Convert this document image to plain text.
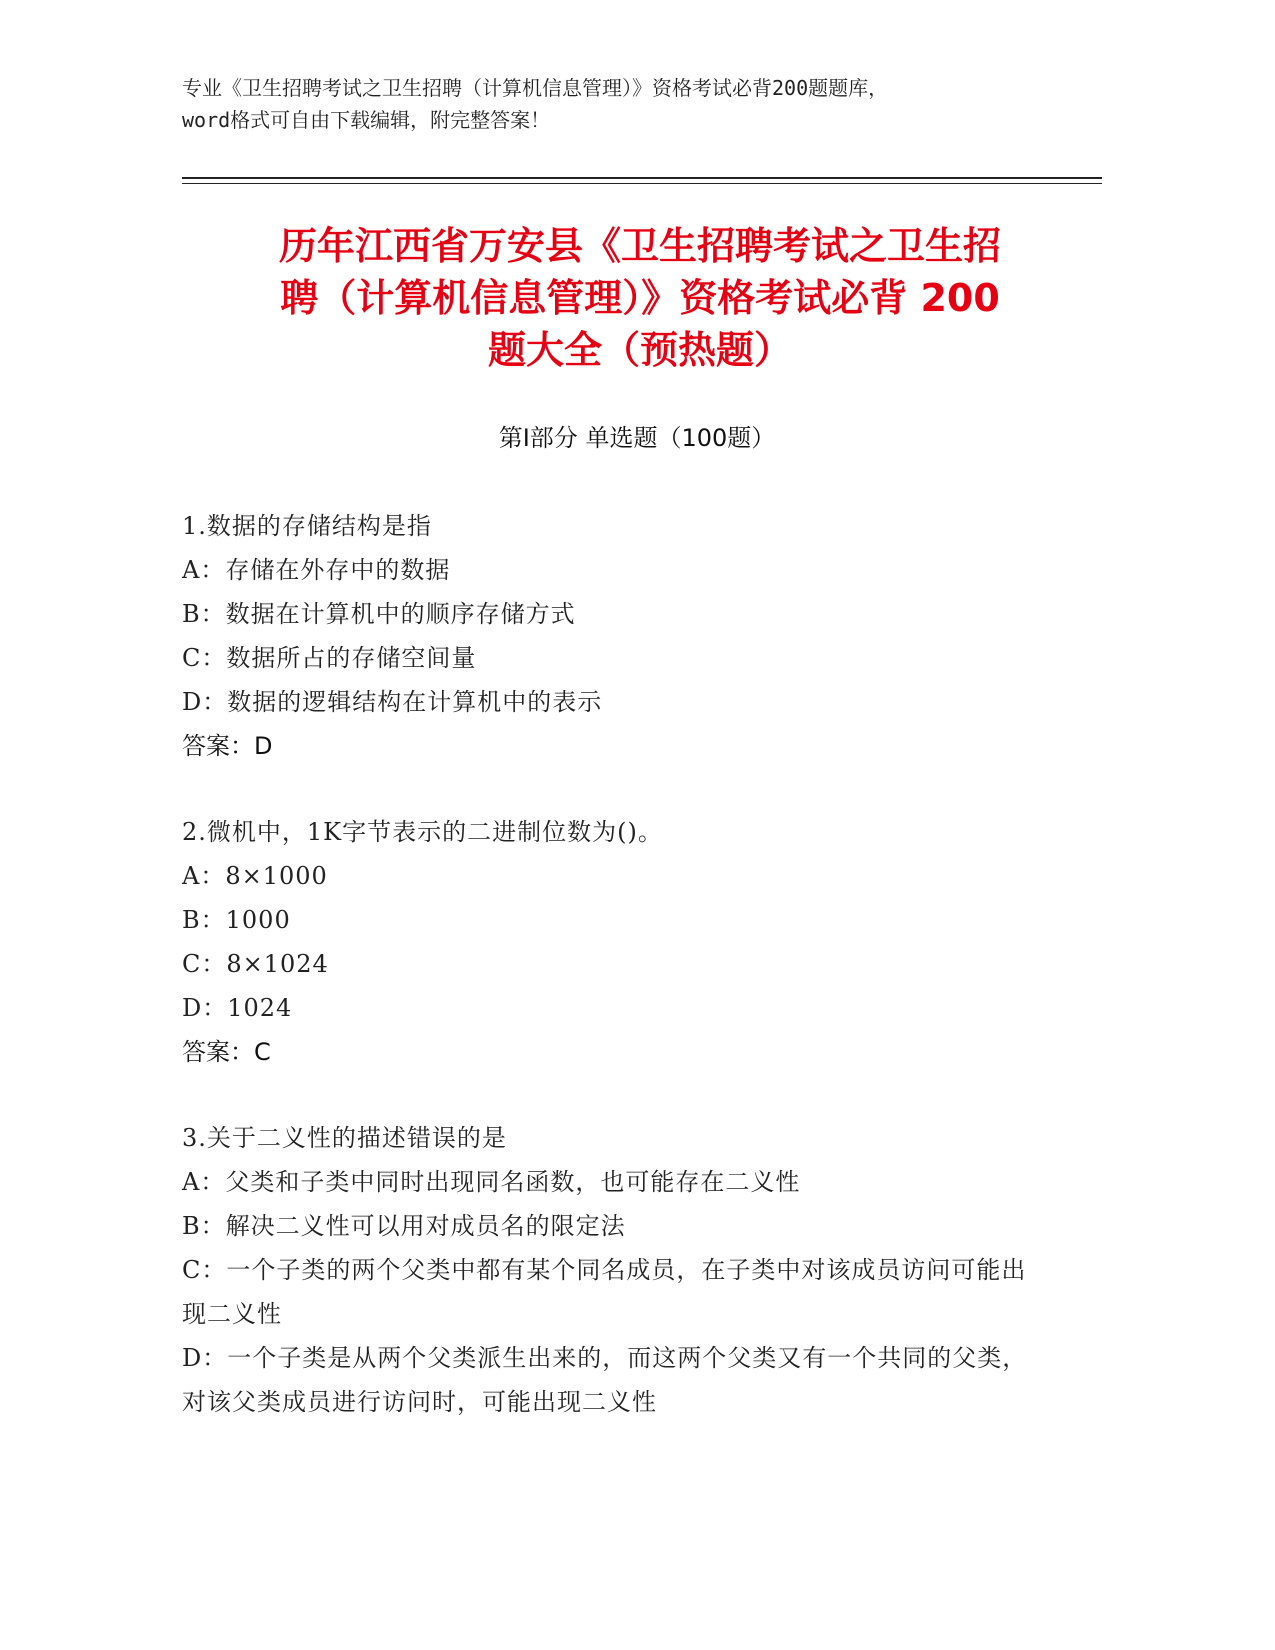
专业《卫生招聘考试之卫生招聘（计算机信息管理）》资格考试必背200题题库，
word格式可自由下载编辑，附完整答案！
历年江西省万安县《卫生招聘考试之卫生招
聘（计算机信息管理）》资格考试必背 200
题大全（预热题）
第Ⅰ部分 单选题（100题）
1.数据的存储结构是指
A：存储在外存中的数据
B：数据在计算机中的顺序存储方式
C：数据所占的存储空间量
D：数据的逻辑结构在计算机中的表示
答案：D
2.微机中，1K字节表示的二进制位数为()。
A：8×1000
B：1000
C：8×1024
D：1024
答案：C
3.关于二义性的描述错误的是
A：父类和子类中同时出现同名函数，也可能存在二义性
B：解决二义性可以用对成员名的限定法
C：一个子类的两个父类中都有某个同名成员，在子类中对该成员访问可能出现二义性
D：一个子类是从两个父类派生出来的，而这两个父类又有一个共同的父类，对该父类成员进行访问时，可能出现二义性
